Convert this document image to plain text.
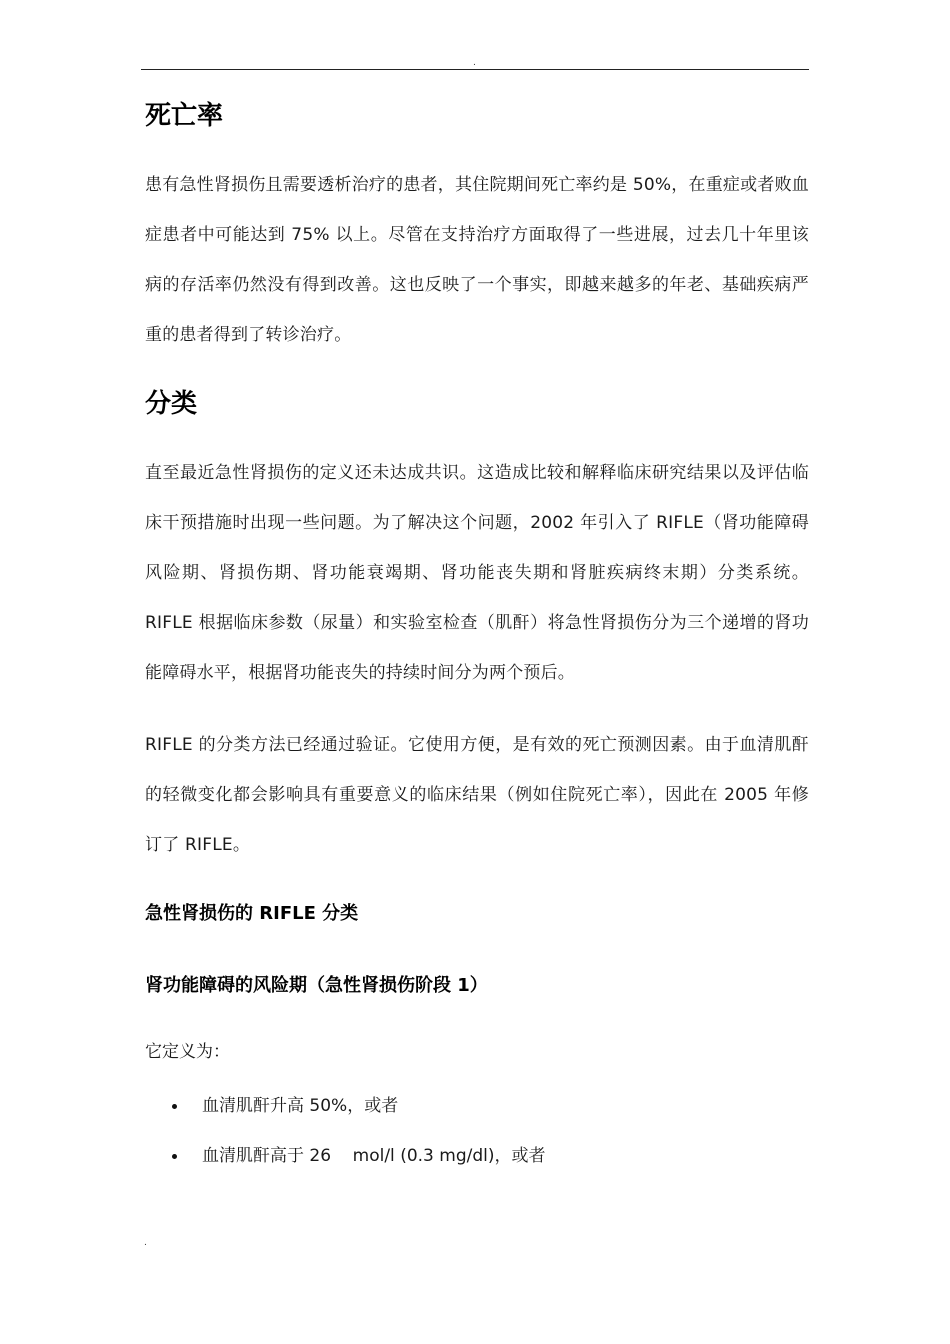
.
死亡率

患有急性肾损伤且需要透析治疗的患者，其住院期间死亡率约是 50%，在重症或者败血症患者中可能达到 75% 以上。尽管在支持治疗方面取得了一些进展，过去几十年里该病的存活率仍然没有得到改善。这也反映了一个事实，即越来越多的年老、基础疾病严重的患者得到了转诊治疗。

分类

直至最近急性肾损伤的定义还未达成共识。这造成比较和解释临床研究结果以及评估临床干预措施时出现一些问题。为了解决这个问题，2002 年引入了 RIFLE（肾功能障碍风险期、肾损伤期、肾功能衰竭期、肾功能丧失期和肾脏疾病终末期）分类系统。RIFLE 根据临床参数（尿量）和实验室检查（肌酐）将急性肾损伤分为三个递增的肾功能障碍水平，根据肾功能丧失的持续时间分为两个预后。

RIFLE 的分类方法已经通过验证。它使用方便，是有效的死亡预测因素。由于血清肌酐的轻微变化都会影响具有重要意义的临床结果（例如住院死亡率），因此在 2005 年修订了 RIFLE。

急性肾损伤的 RIFLE 分类
肾功能障碍的风险期（急性肾损伤阶段 1）

它定义为：

血清肌酐升高 50%，或者
血清肌酐高于 26    mol/l (0.3 mg/dl)，或者
.
